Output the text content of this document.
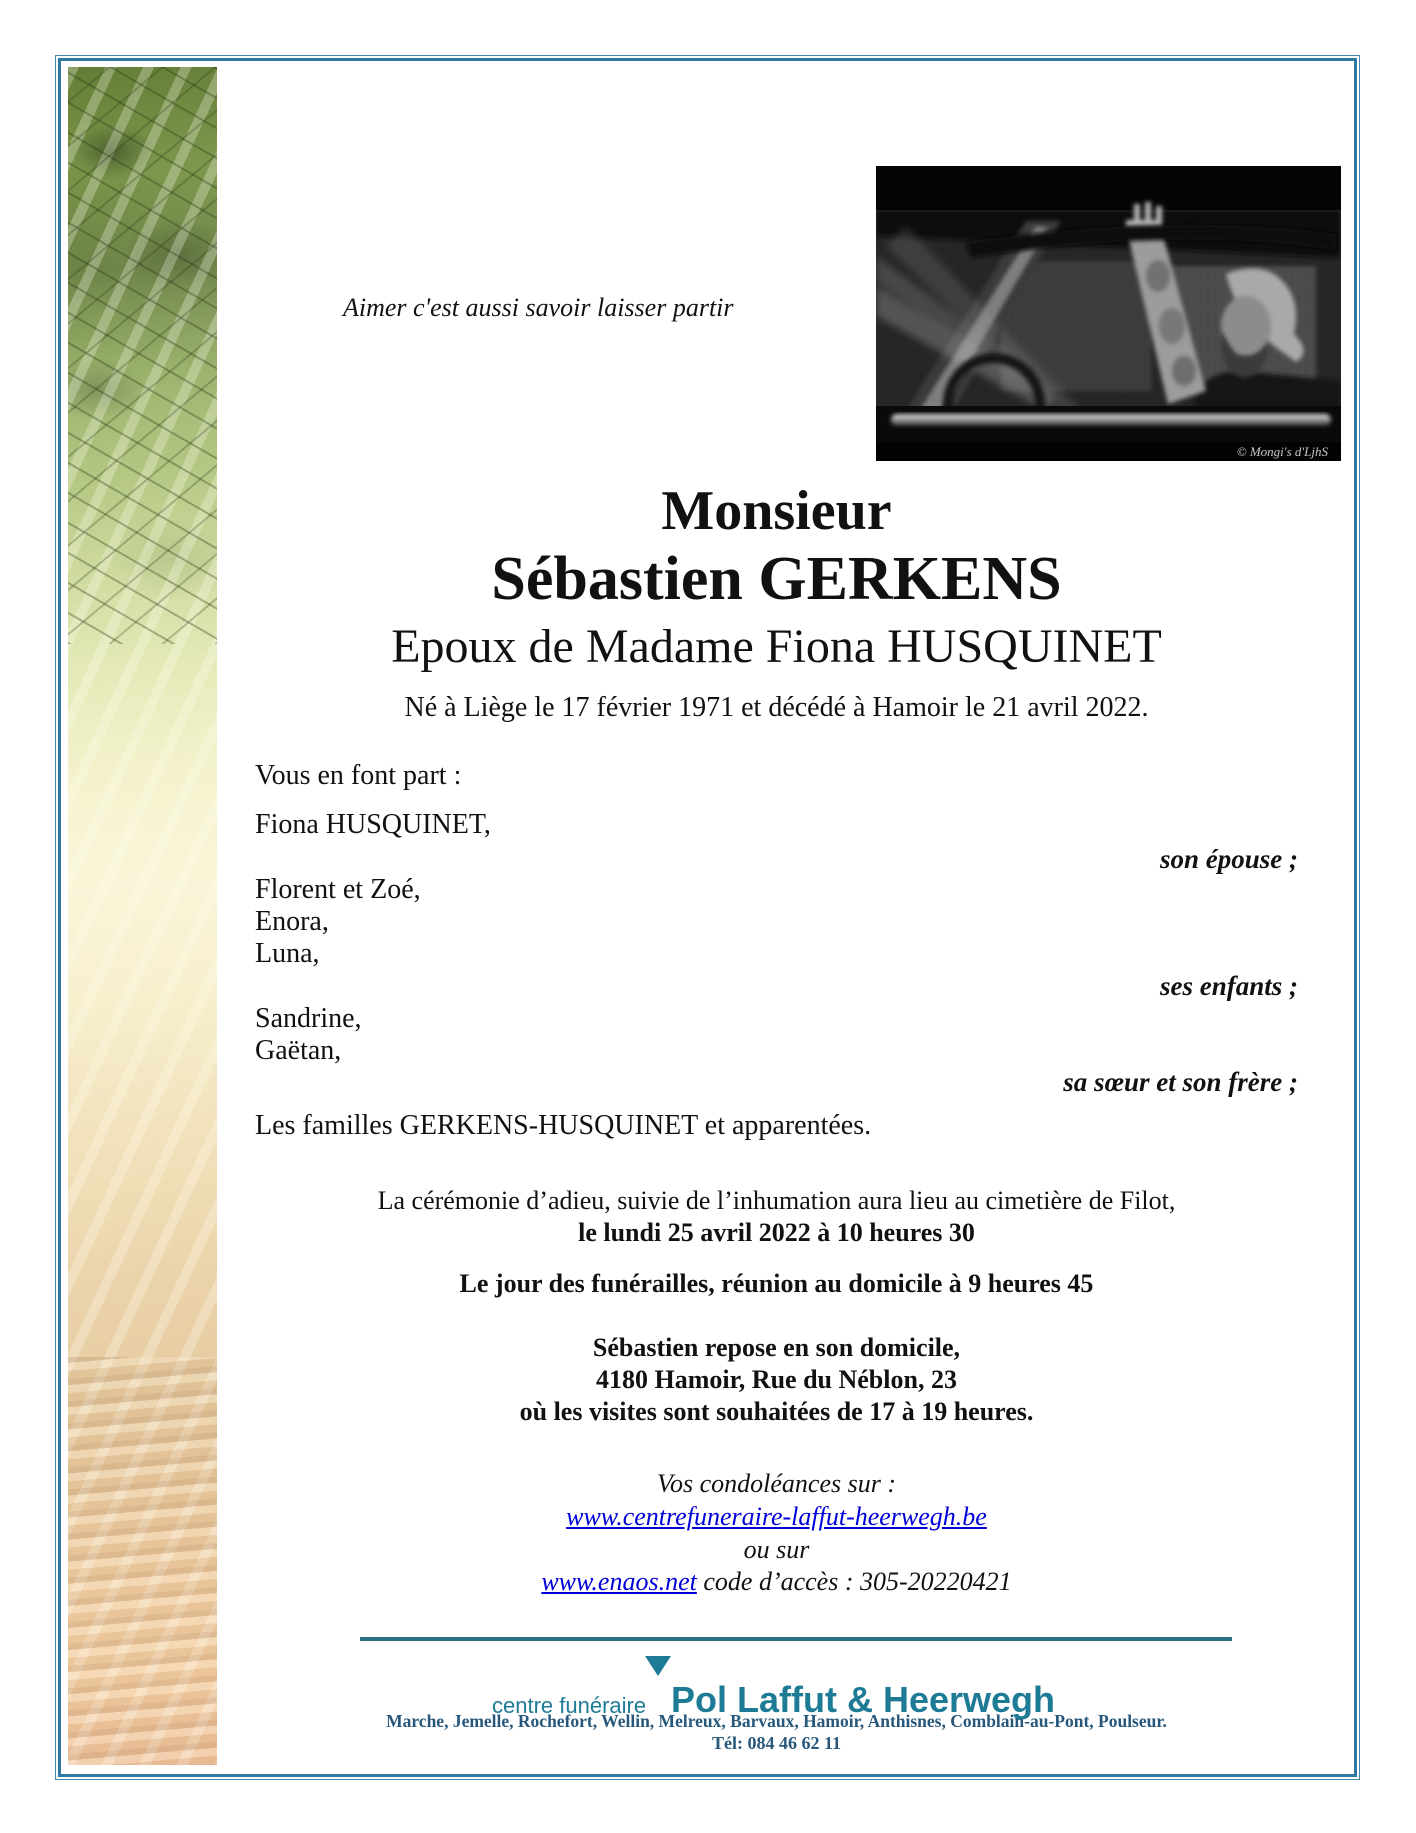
© Mongi's d'LjhS
Aimer c'est aussi savoir laisser partir
Monsieur
Sébastien GERKENS
Epoux de Madame Fiona HUSQUINET
Né à Liège le 17 février 1971 et décédé à Hamoir le 21 avril 2022.
Vous en font part :
Fiona HUSQUINET,
son épouse ;
Florent et Zoé,
Enora,
Luna,
ses enfants ;
Sandrine,
Gaëtan,
sa sœur et son frère ;
Les familles GERKENS-HUSQUINET et apparentées.
La cérémonie d’adieu, suivie de l’inhumation aura lieu au cimetière de Filot,
le lundi 25 avril 2022 à 10 heures 30
Le jour des funérailles, réunion au domicile à 9 heures 45
Sébastien repose en son domicile,
4180 Hamoir, Rue du Néblon, 23
où les visites sont souhaitées de 17 à 19 heures.
Vos condoléances sur :
www.centrefuneraire-laffut-heerwegh.be
ou sur
www.enaos.net code d’accès : 305-20220421
Marche, Jemelle, Rochefort, Wellin, Melreux, Barvaux, Hamoir, Anthisnes, Comblain-au-Pont, Poulseur.
Tél: 084 46 62 11
centre funéraire Pol Laffut & Heerwegh
